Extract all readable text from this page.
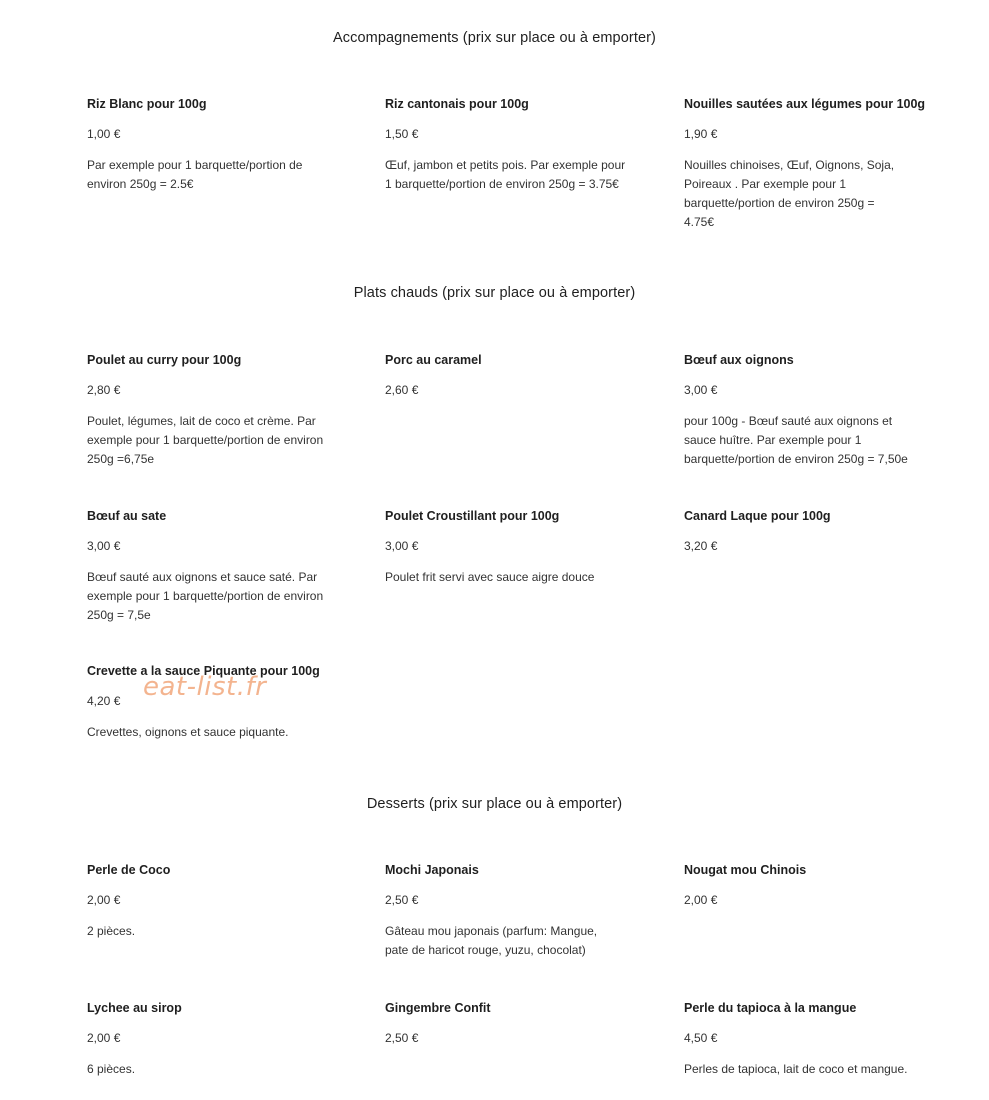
Accompagnements (prix sur place ou à emporter)
Riz Blanc pour 100g
1,00 €
Par exemple pour 1 barquette/portion de environ 250g = 2.5€
Riz cantonais pour 100g
1,50 €
Œuf, jambon et petits pois. Par exemple pour 1 barquette/portion de environ 250g = 3.75€
Nouilles sautées aux légumes pour 100g
1,90 €
Nouilles chinoises, Œuf, Oignons, Soja, Poireaux . Par exemple pour 1 barquette/portion de environ 250g = 4.75€
Plats chauds (prix sur place ou à emporter)
Poulet au curry pour 100g
2,80 €
Poulet, légumes, lait de coco et crème. Par exemple pour 1 barquette/portion de environ 250g =6,75e
Porc au caramel
2,60 €
Bœuf aux oignons
3,00 €
pour 100g - Bœuf sauté aux oignons et sauce huître. Par exemple pour 1 barquette/portion de environ 250g = 7,50e
Bœuf au sate
3,00 €
Bœuf sauté aux oignons et sauce saté. Par exemple pour 1 barquette/portion de environ 250g = 7,5e
Poulet Croustillant pour 100g
3,00 €
Poulet frit servi avec sauce aigre douce
Canard Laque pour 100g
3,20 €
Crevette a la sauce Piquante pour 100g
4,20 €
Crevettes, oignons et sauce piquante.
eat-list.fr
Desserts (prix sur place ou à emporter)
Perle de Coco
2,00 €
2 pièces.
Mochi Japonais
2,50 €
Gâteau mou japonais (parfum: Mangue, pate de haricot rouge, yuzu, chocolat)
Nougat mou Chinois
2,00 €
Lychee au sirop
2,00 €
6 pièces.
Gingembre Confit
2,50 €
Perle du tapioca à la mangue
4,50 €
Perles de tapioca, lait de coco et mangue.
